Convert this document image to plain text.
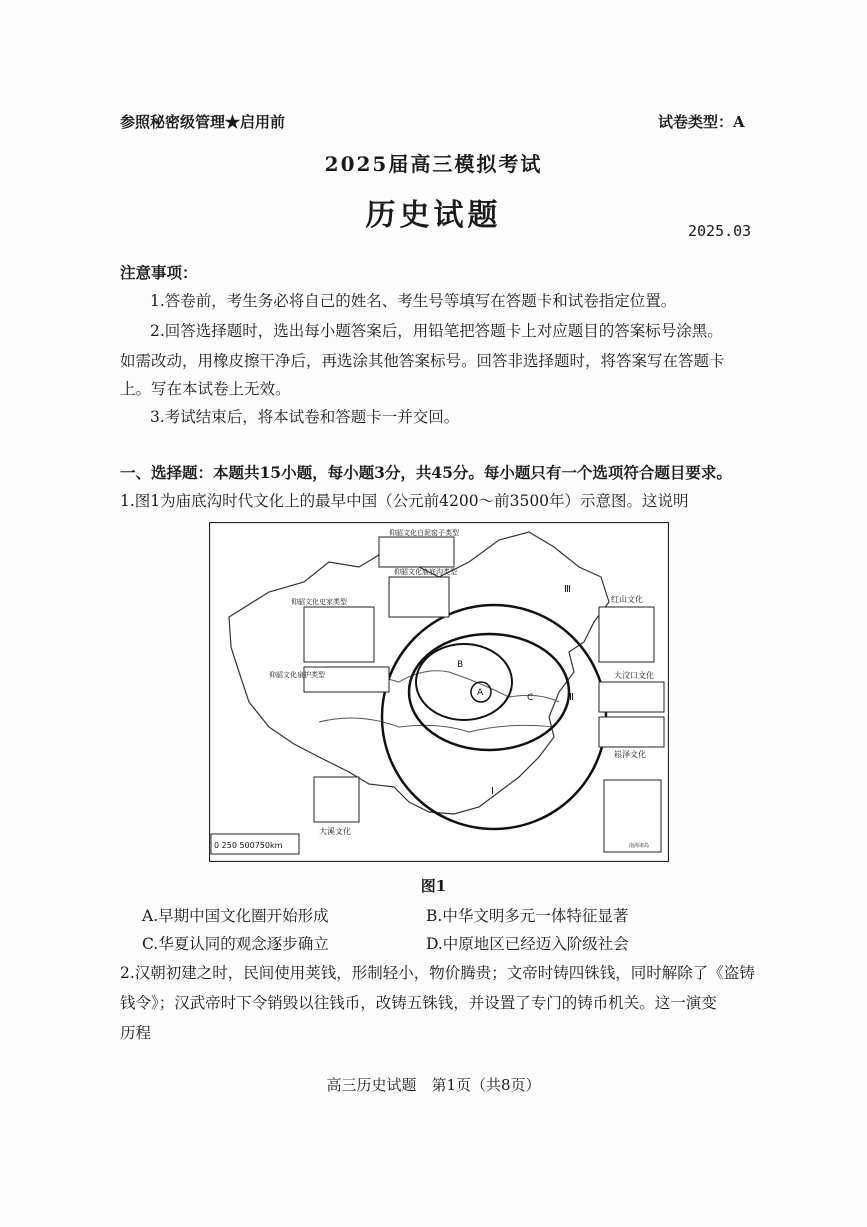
参照秘密级管理★启用前	试卷类型：A
2025届高三模拟考试
历史试题	2025.03
注意事项：
1.答卷前，考生务必将自己的姓名、考生号等填写在答题卡和试卷指定位置。
2.回答选择题时，选出每小题答案后，用铅笔把答题卡上对应题目的答案标号涂黑。
如需改动，用橡皮擦干净后，再选涂其他答案标号。回答非选择题时，将答案写在答题卡
上。写在本试卷上无效。
3.考试结束后，将本试卷和答题卡一并交回。
一、选择题：本题共15小题，每小题3分，共45分。每小题只有一个选项符合题目要求。
1.图1为庙底沟时代文化上的最早中国（公元前4200～前3500年）示意图。这说明
仰韶文化白泥窑子类型
仰韶文化庙底沟类型
仰韶文化史家类型
仰韶文化泉护类型
红山文化
大汶口文化
崧泽文化
大溪文化
南海诸岛
Ⅰ
Ⅱ
Ⅲ
A
B
C
0 250 500750km
图1
A.早期中国文化圈开始形成	B.中华文明多元一体特征显著
C.华夏认同的观念逐步确立	D.中原地区已经迈入阶级社会
2.汉朝初建之时，民间使用荚钱，形制轻小，物价腾贵；文帝时铸四铢钱，同时解除了《盗铸
钱令》；汉武帝时下令销毁以往钱币，改铸五铢钱，并设置了专门的铸币机关。这一演变
历程
高三历史试题　第1页（共8页）
